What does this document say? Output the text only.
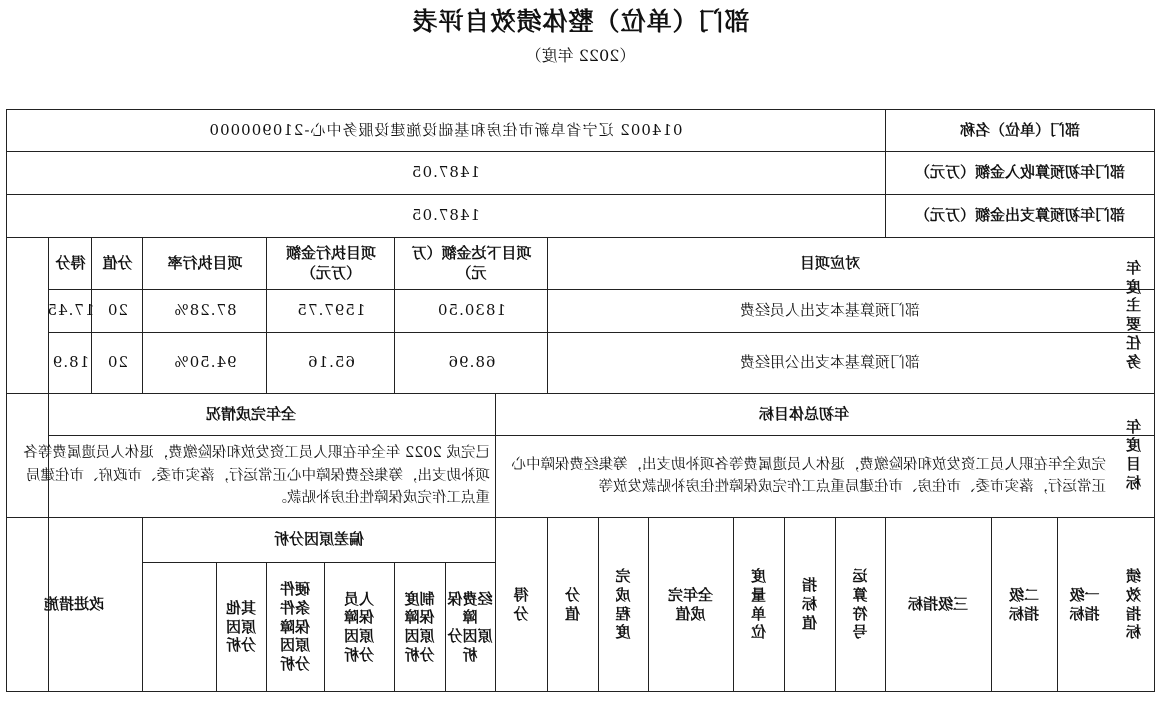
部门（单位）整体绩效自评表
（2022 年度）
部门（单位）名称
014002 辽宁省阜新市住房和基础设施建设服务中心-210900000
部门年初预算收入金额（万元）
1487.05
部门年初预算支出金额（万元）
1487.05
年
度
主
要
任
务
对应项目
项目下达金额（万元）
项目执行金额（万元）
项目执行率
分值
得分
部门预算基本支出人员经费
1830.50
1597.75
87.28%
20
17.45
部门预算基本支出公用经费
68.96
65.16
94.50%
20
18.9
年
度
目
标
年初总体目标
全年完成情况
完成全年在职人员工资发放和保险缴费，退休人员遗属费等各项补助支出，筹集经费保障中心正常运行，落实市委、市住房、市住建局重点工作完成保障性住房补贴款发放等
已完成 2022 年全年在职人员工资发放和保险缴费，退休人员遗属费等各项补助支出，筹集经费保障中心正常运行，落实市委、市政府、市住建局重点工作完成保障性住房补贴款。
绩
效
指
标
一级
指标
二级
指标
三级指标
运
算
符
号
指
标
值
度
量
单
位
全年完
成值
完
成
程
度
分
值
得
分
偏差原因分析
经费保障
原因分析
制度
保障
原因
分析
人员
保障
原因
分析
硬件
条件
保障
原因
分析
其他
原因
分析
改进措施
